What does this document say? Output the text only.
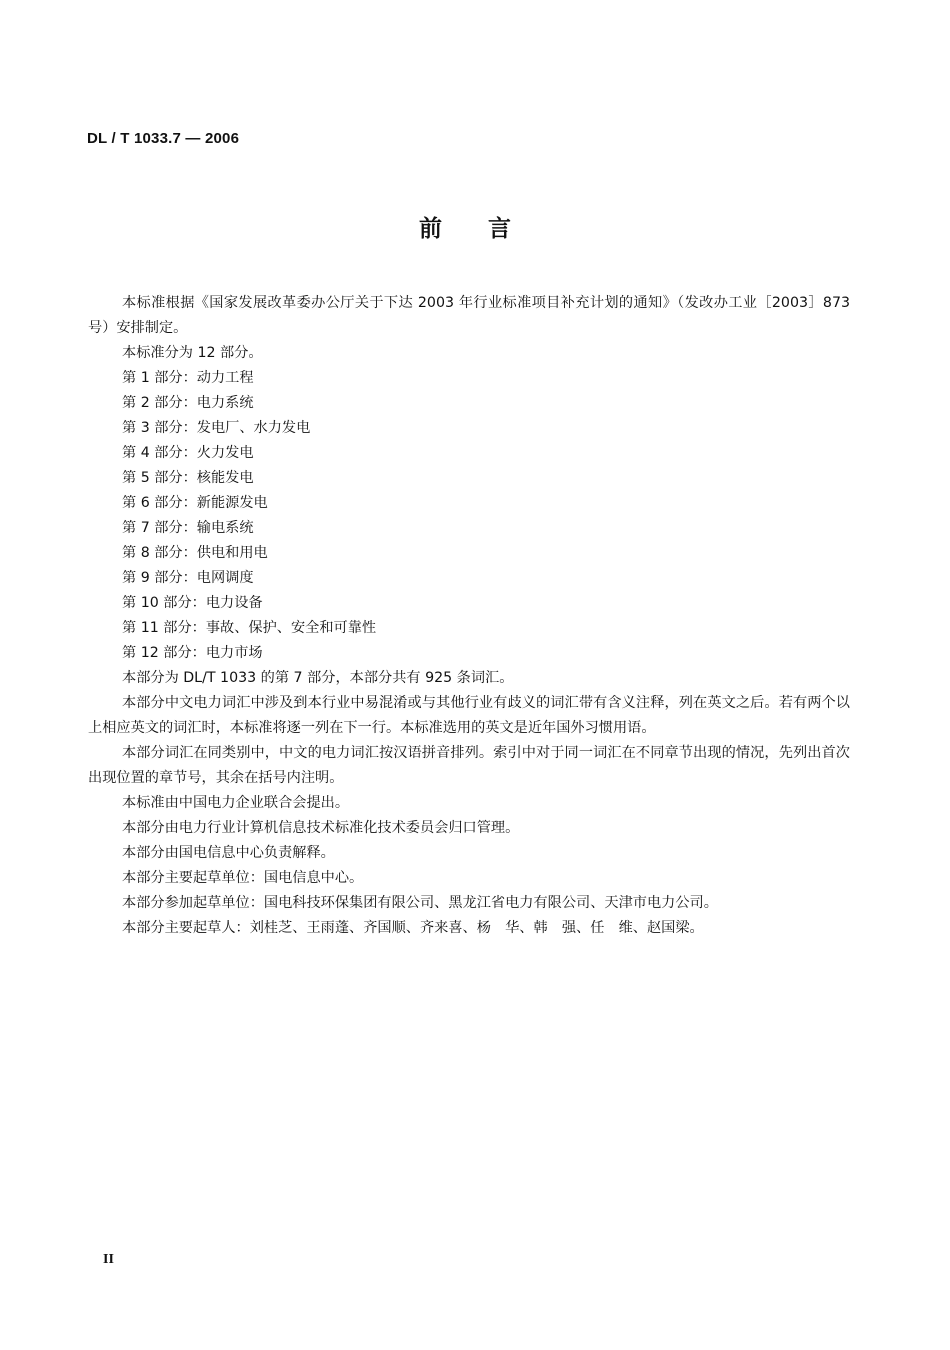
DL / T 1033.7 — 2006
前　　言

本标准根据《国家发展改革委办公厅关于下达 2003 年行业标准项目补充计划的通知》（发改办工业［2003］873 号）安排制定。

本标准分为 12 部分。

第 1 部分：动力工程

第 2 部分：电力系统

第 3 部分：发电厂、水力发电

第 4 部分：火力发电

第 5 部分：核能发电

第 6 部分：新能源发电

第 7 部分：输电系统

第 8 部分：供电和用电

第 9 部分：电网调度

第 10 部分：电力设备

第 11 部分：事故、保护、安全和可靠性

第 12 部分：电力市场

本部分为 DL/T 1033 的第 7 部分，本部分共有 925 条词汇。

本部分中文电力词汇中涉及到本行业中易混淆或与其他行业有歧义的词汇带有含义注释，列在英文之后。若有两个以上相应英文的词汇时，本标准将逐一列在下一行。本标准选用的英文是近年国外习惯用语。

本部分词汇在同类别中，中文的电力词汇按汉语拼音排列。索引中对于同一词汇在不同章节出现的情况，先列出首次出现位置的章节号，其余在括号内注明。

本标准由中国电力企业联合会提出。

本部分由电力行业计算机信息技术标准化技术委员会归口管理。

本部分由国电信息中心负责解释。

本部分主要起草单位：国电信息中心。

本部分参加起草单位：国电科技环保集团有限公司、黑龙江省电力有限公司、天津市电力公司。

本部分主要起草人：刘桂芝、王雨蓬、齐国顺、齐来喜、杨　华、韩　强、任　维、赵国梁。

II
